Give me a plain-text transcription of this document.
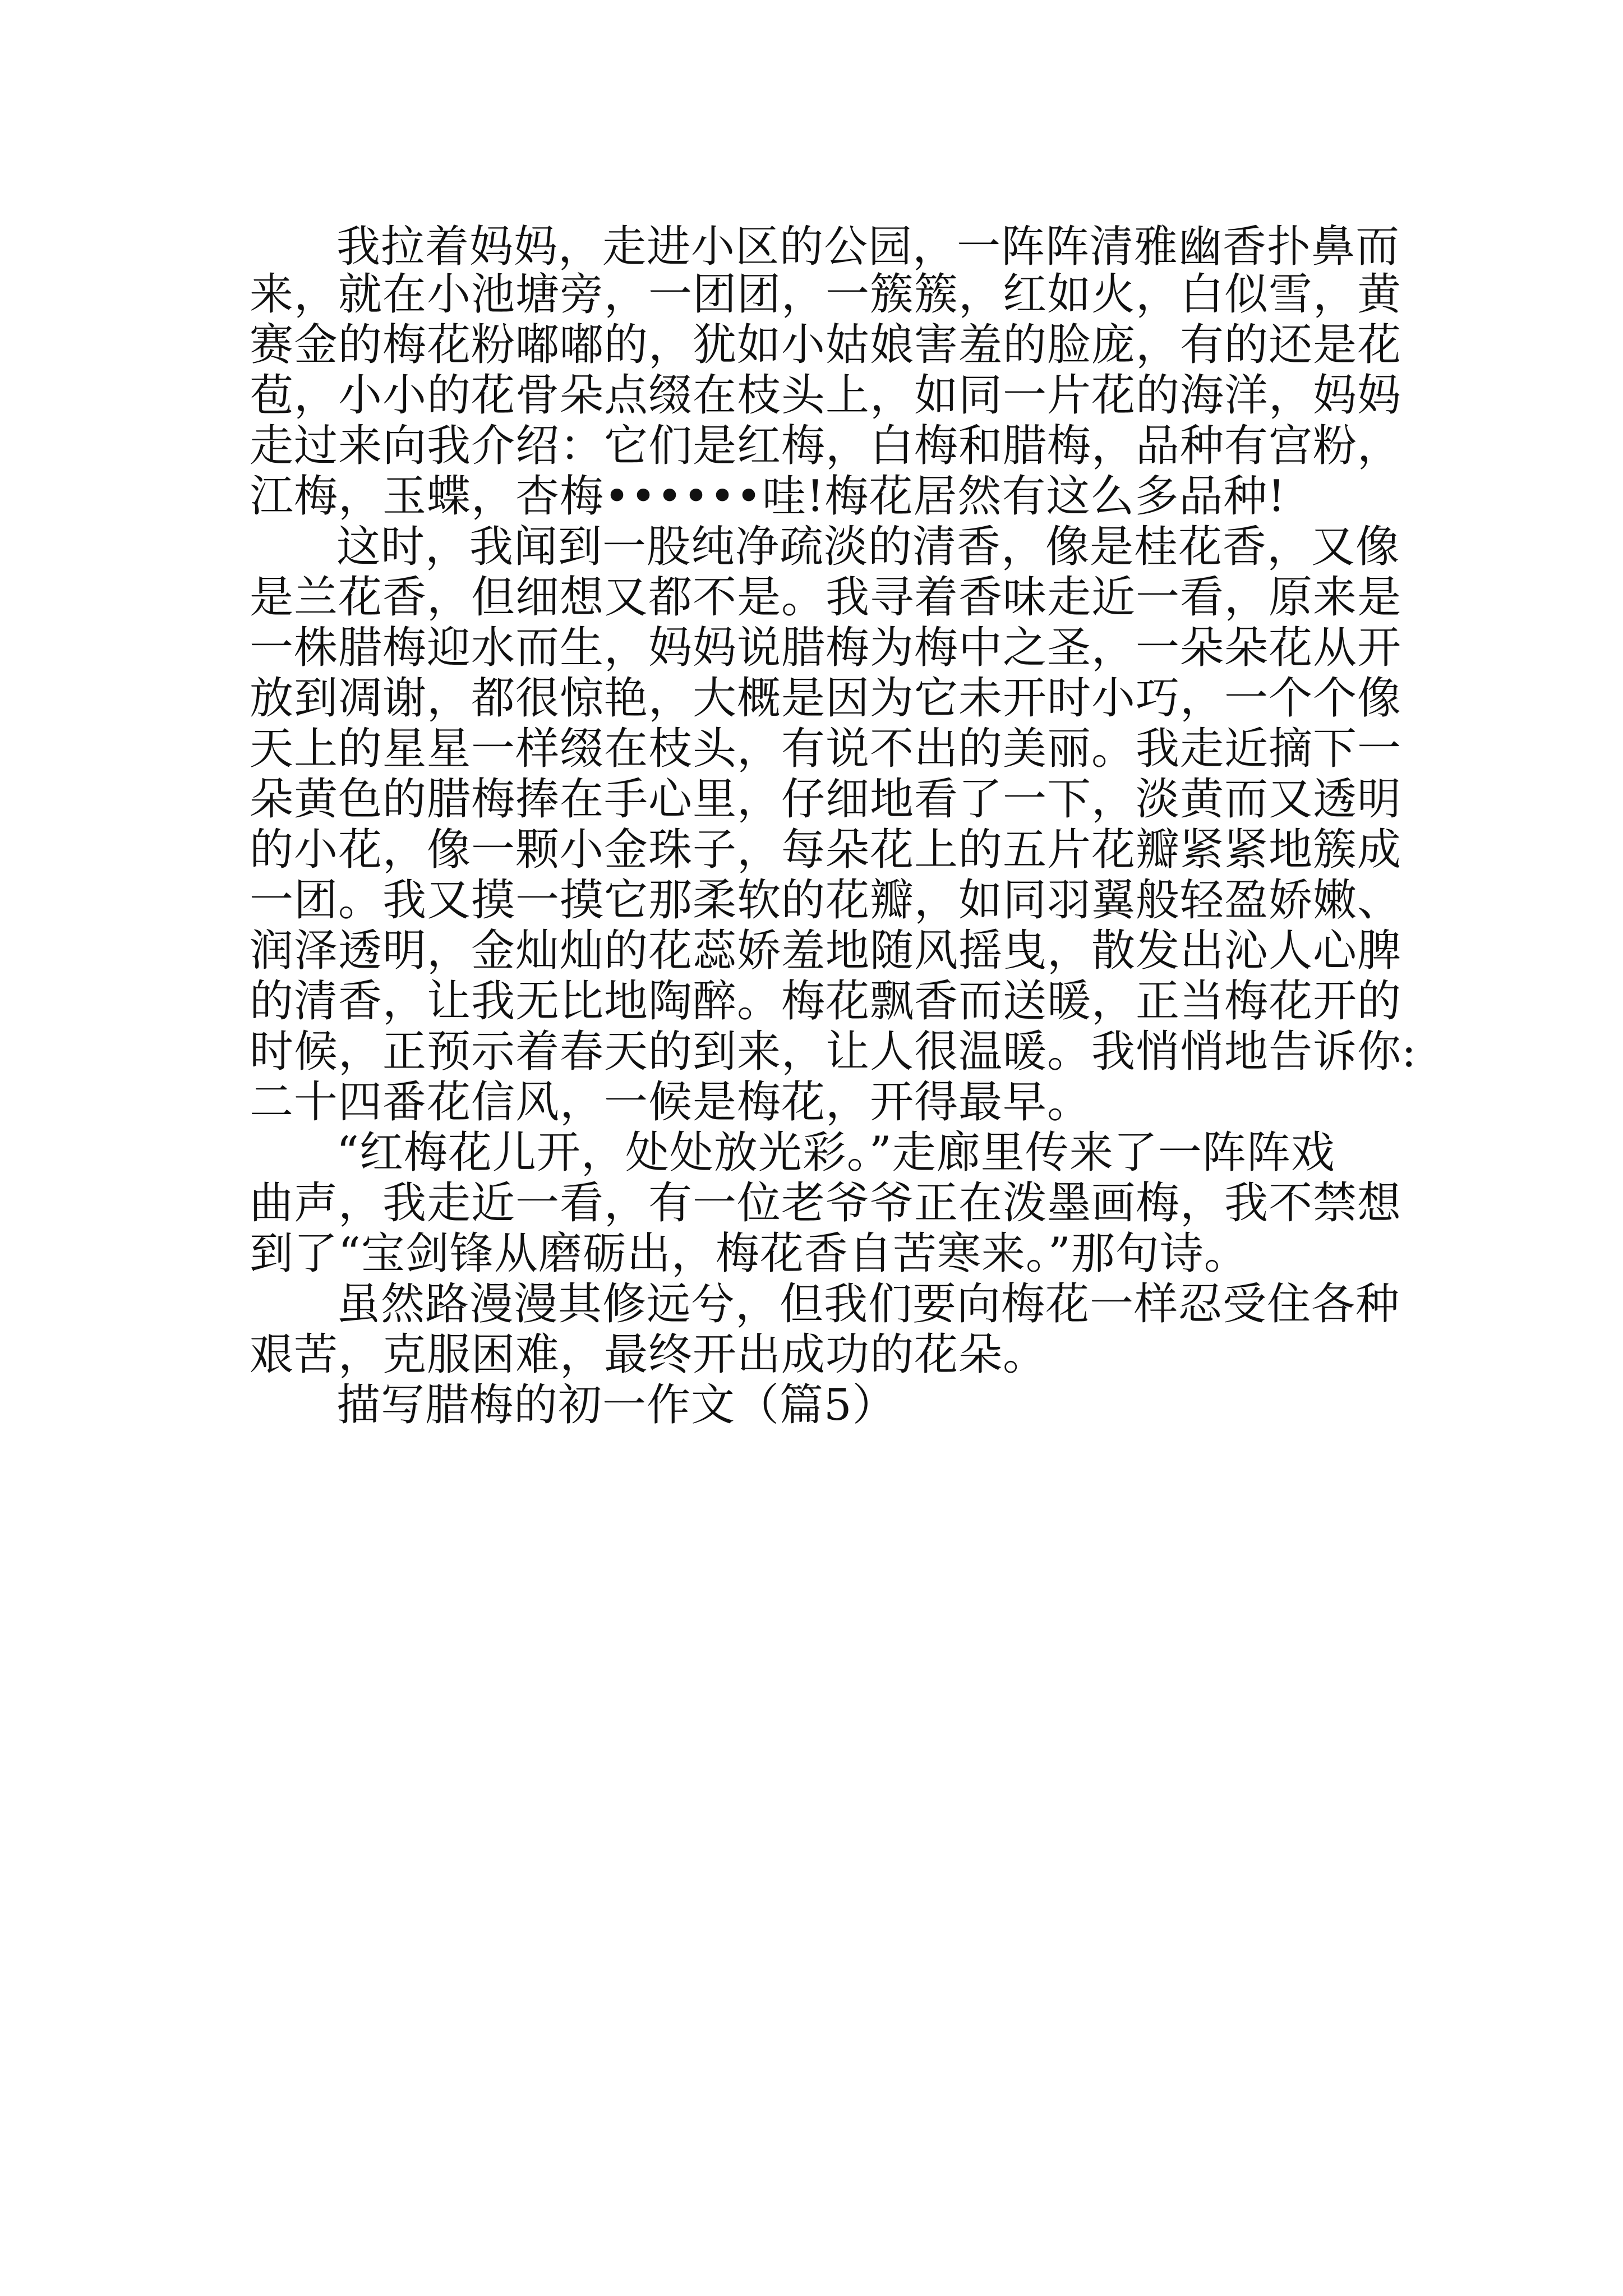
我拉着妈妈，走进小区的公园，一阵阵清雅幽香扑鼻而
来，就在小池塘旁，一团团，一簇簇，红如火，白似雪，黄
赛金的梅花粉嘟嘟的，犹如小姑娘害羞的脸庞，有的还是花
苞，小小的花骨朵点缀在枝头上，如同一片花的海洋，妈妈
走过来向我介绍：它们是红梅，白梅和腊梅，品种有宫粉，
江梅，玉蝶，杏梅••••••哇!梅花居然有这么多品种!
这时，我闻到一股纯净疏淡的清香，像是桂花香，又像
是兰花香，但细想又都不是。我寻着香味走近一看，原来是
一株腊梅迎水而生，妈妈说腊梅为梅中之圣，一朵朵花从开
放到凋谢，都很惊艳，大概是因为它未开时小巧，一个个像
天上的星星一样缀在枝头，有说不出的美丽。我走近摘下一
朵黄色的腊梅捧在手心里，仔细地看了一下，淡黄而又透明
的小花，像一颗小金珠子，每朵花上的五片花瓣紧紧地簇成
一团。我又摸一摸它那柔软的花瓣，如同羽翼般轻盈娇嫩、
润泽透明，金灿灿的花蕊娇羞地随风摇曳，散发出沁人心脾
的清香，让我无比地陶醉。梅花飘香而送暖，正当梅花开的
时候，正预示着春天的到来，让人很温暖。我悄悄地告诉你:
二十四番花信风，一候是梅花，开得最早。
“红梅花儿开，处处放光彩。”走廊里传来了一阵阵戏
曲声，我走近一看，有一位老爷爷正在泼墨画梅，我不禁想
到了“宝剑锋从磨砺出，梅花香自苦寒来。”那句诗。
虽然路漫漫其修远兮，但我们要向梅花一样忍受住各种
艰苦，克服困难，最终开出成功的花朵。
描写腊梅的初一作文（篇5）
